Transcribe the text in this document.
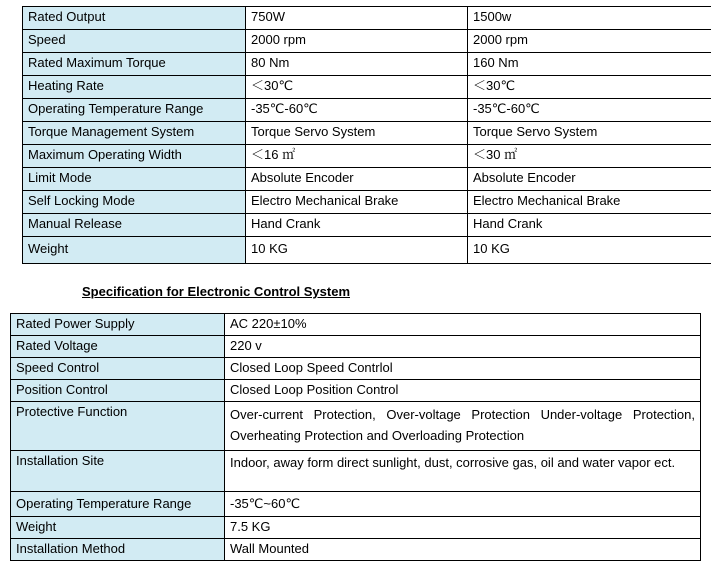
Rated Output	750W	1500w
Speed	2000 rpm	2000 rpm
Rated Maximum Torque	80 Nm	160 Nm
Heating Rate	＜30℃	＜30℃
Operating Temperature Range	-35℃-60℃	-35℃-60℃
Torque Management System	Torque Servo System	Torque Servo System
Maximum Operating Width	＜16 ㎡	＜30 ㎡
Limit Mode	Absolute Encoder	Absolute Encoder
Self Locking Mode	Electro Mechanical Brake	Electro Mechanical Brake
Manual Release	Hand Crank	Hand Crank
Weight	10 KG	10 KG

Specification for Electronic Control System

Rated Power Supply	AC 220±10%
Rated Voltage	220 v
Speed Control	Closed Loop Speed Contrlol
Position Control	Closed Loop Position Control
Protective Function	Over-current Protection, Over-voltage Protection Under-voltage Protection, Overheating Protection and Overloading Protection
Installation Site	Indoor, away form direct sunlight, dust, corrosive gas, oil and water vapor ect.
Operating Temperature Range	-35℃~60℃
Weight	7.5 KG
Installation Method	Wall Mounted
